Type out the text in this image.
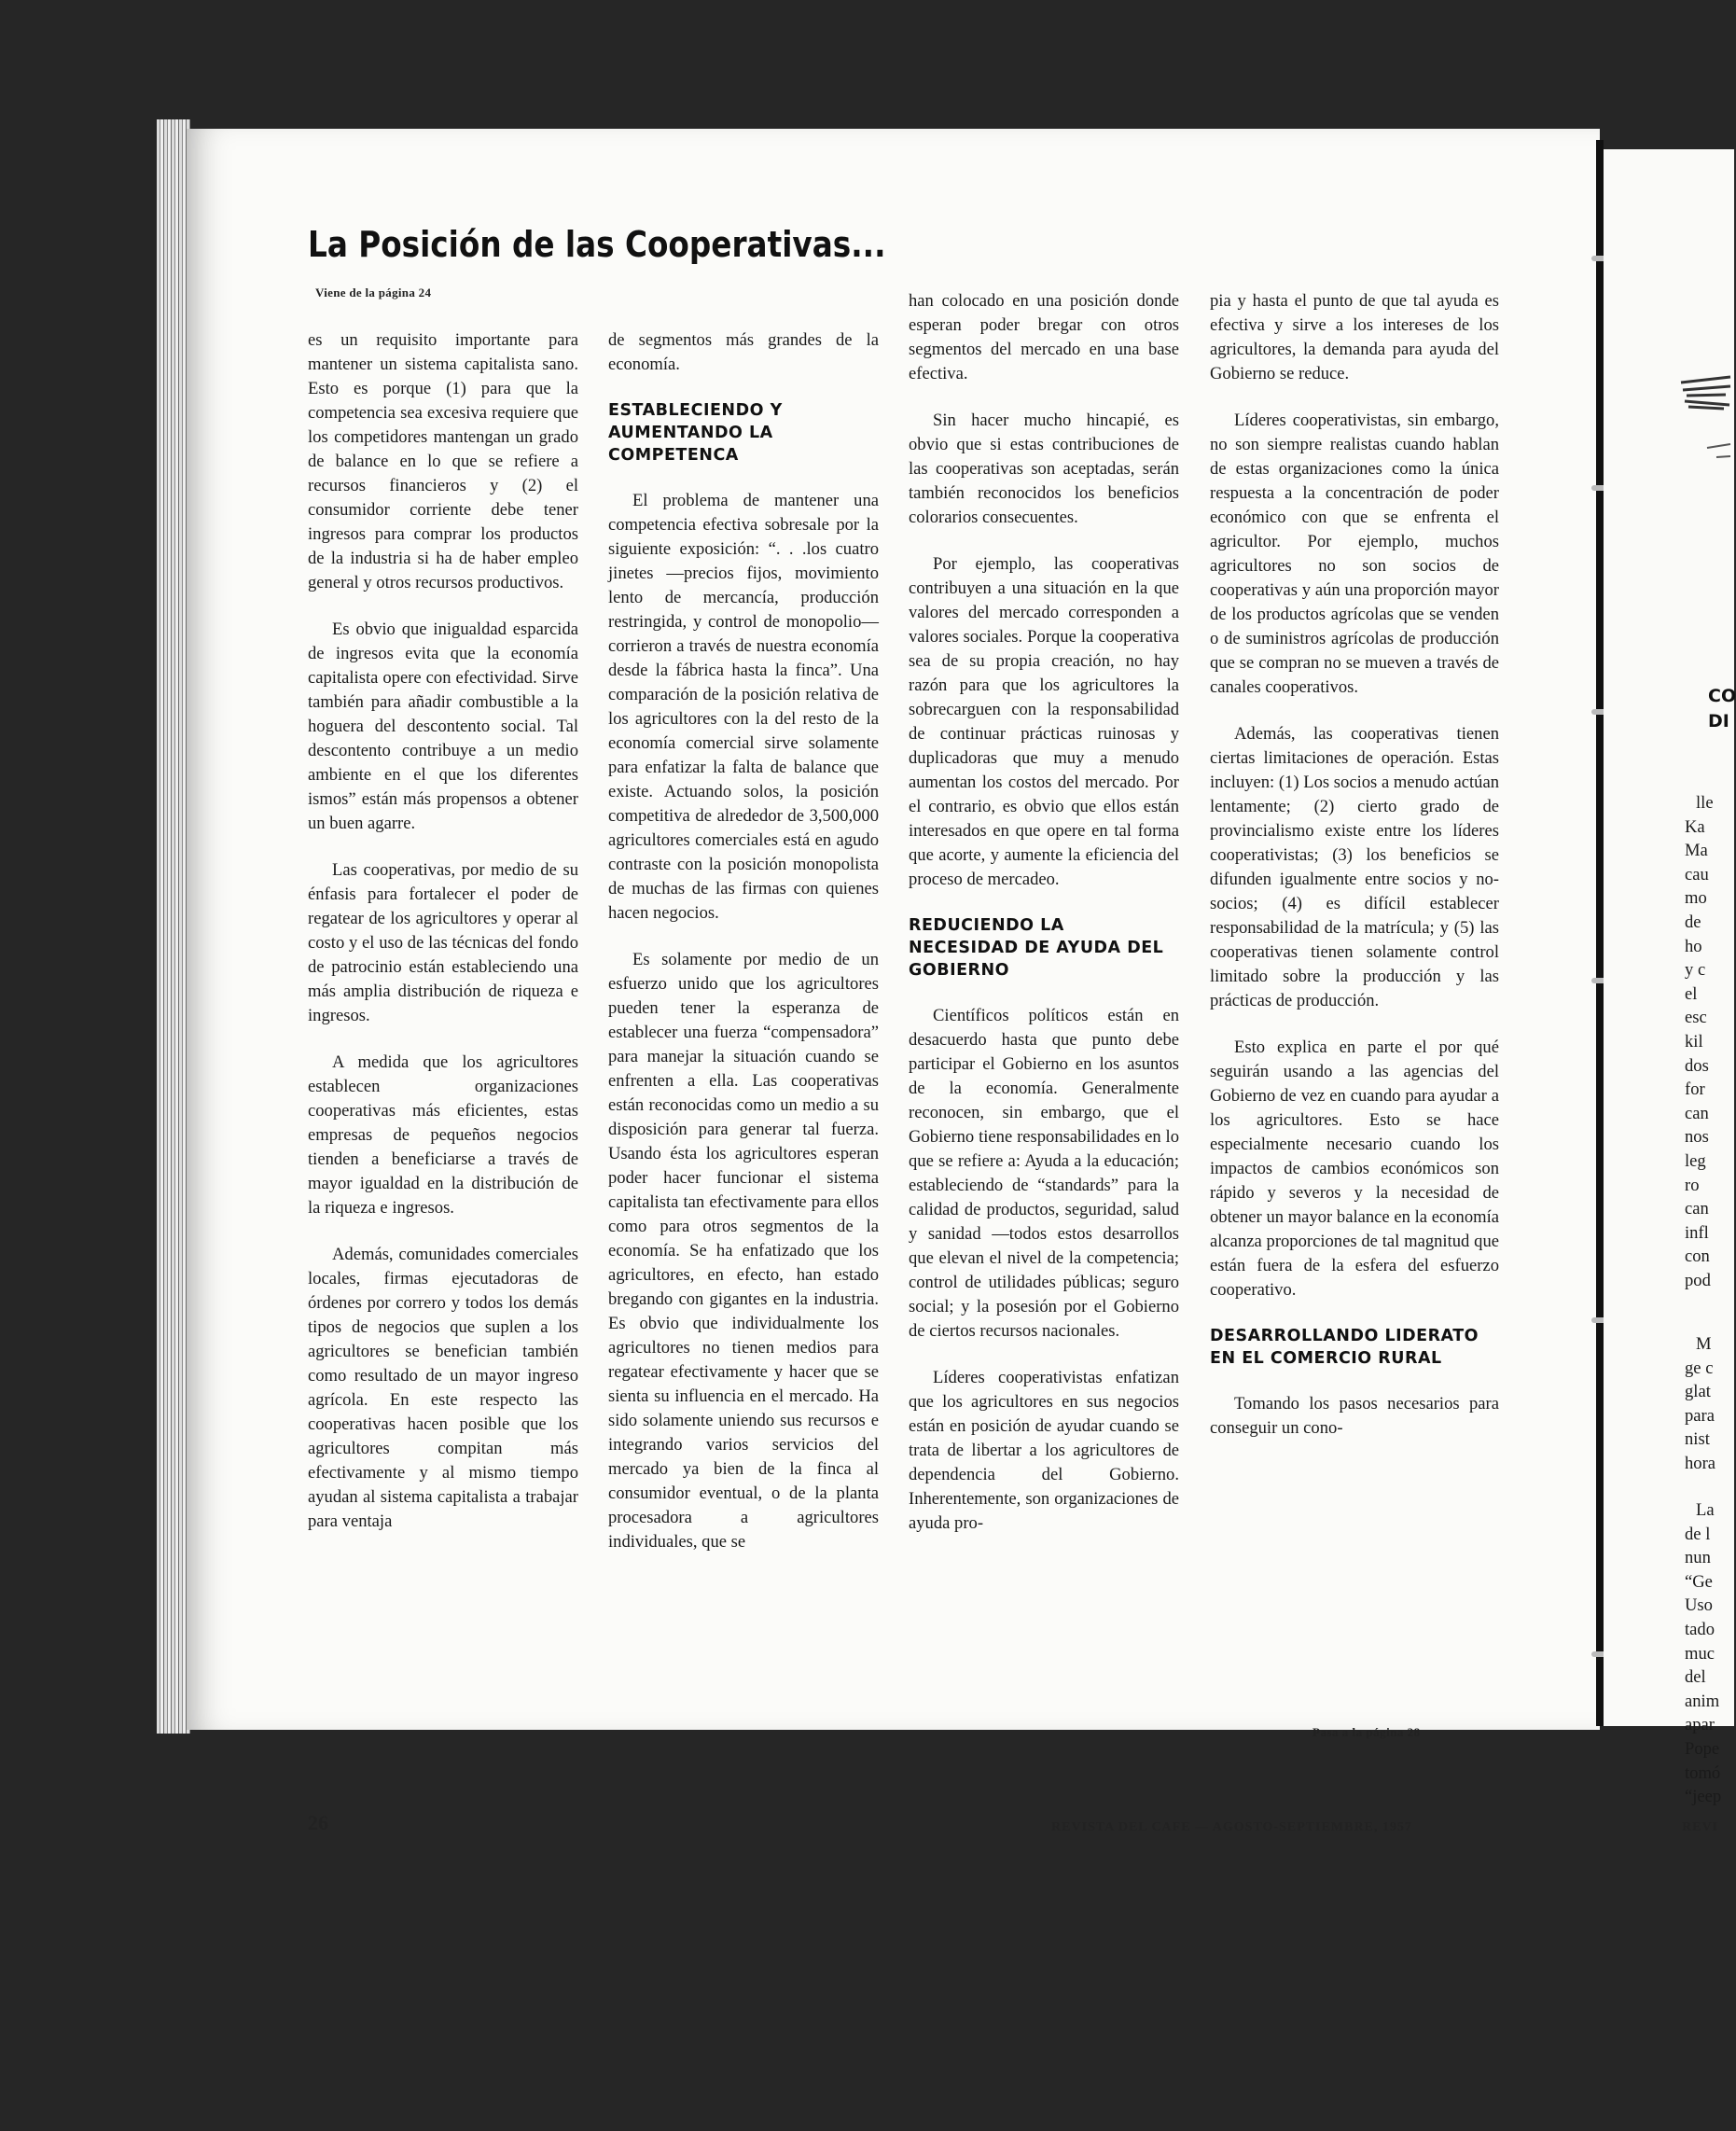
La Posición de las Cooperativas...
Viene de la página 24

es un requisito importante para mantener un sistema capitalista sano. Esto es porque (1) para que la competencia sea excesiva requiere que los competidores mantengan un grado de balance en lo que se refiere a recursos financieros y (2) el consumidor corriente debe tener ingresos para comprar los productos de la industria si ha de haber empleo general y otros recursos productivos.

Es obvio que inigualdad esparcida de ingresos evita que la economía capitalista opere con efectividad. Sirve también para añadir combustible a la hoguera del descontento social. Tal descontento contribuye a un medio ambiente en el que los diferentes ismos” están más propensos a obtener un buen agarre.

Las cooperativas, por medio de su énfasis para fortalecer el poder de regatear de los agricultores y operar al costo y el uso de las técnicas del fondo de patrocinio están estableciendo una más amplia distribución de riqueza e ingresos.

A medida que los agricultores establecen organizaciones cooperativas más eficientes, estas empresas de pequeños negocios tienden a beneficiarse a través de mayor igualdad en la distribución de la riqueza e ingresos.

Además, comunidades comerciales locales, firmas ejecutadoras de órdenes por correro y todos los demás tipos de negocios que suplen a los agricultores se benefician también como resultado de un mayor ingreso agrícola. En este respecto las cooperativas hacen posible que los agricultores compitan más efectivamente y al mismo tiempo ayudan al sistema capitalista a trabajar para ventaja

de segmentos más grandes de la economía.

ESTABLECIENDO Y AUMENTANDO LA COMPETENCA

El problema de mantener una competencia efectiva sobresale por la siguiente exposición: “. . .los cuatro jinetes —precios fijos, movimiento lento de mercancía, producción restringida, y control de monopolio— corrieron a través de nuestra economía desde la fábrica hasta la finca”. Una comparación de la posición relativa de los agricultores con la del resto de la economía comercial sirve solamente para enfatizar la falta de balance que existe. Actuando solos, la posición competitiva de alrededor de 3,500,000 agricultores comerciales está en agudo contraste con la posición monopolista de muchas de las firmas con quienes hacen negocios.

Es solamente por medio de un esfuerzo unido que los agricultores pueden tener la esperanza de establecer una fuerza “compensadora” para manejar la situación cuando se enfrenten a ella. Las cooperativas están reconocidas como un medio a su disposición para generar tal fuerza. Usando ésta los agricultores esperan poder hacer funcionar el sistema capitalista tan efectivamente para ellos como para otros segmentos de la economía. Se ha enfatizado que los agricultores, en efecto, han estado bregando con gigantes en la industria. Es obvio que individualmente los agricultores no tienen medios para regatear efectivamente y hacer que se sienta su influencia en el mercado. Ha sido solamente uniendo sus recursos e integrando varios servicios del mercado ya bien de la finca al consumidor eventual, o de la planta procesadora a agricultores individuales, que se

han colocado en una posición donde esperan poder bregar con otros segmentos del mercado en una base efectiva.

Sin hacer mucho hincapié, es obvio que si estas contribuciones de las cooperativas son aceptadas, serán también reconocidos los beneficios colorarios consecuentes.

Por ejemplo, las cooperativas contribuyen a una situación en la que valores del mercado corresponden a valores sociales. Porque la cooperativa sea de su propia creación, no hay razón para que los agricultores la sobrecarguen con la responsabilidad de continuar prácticas ruinosas y duplicadoras que muy a menudo aumentan los costos del mercado. Por el contrario, es obvio que ellos están interesados en que opere en tal forma que acorte, y aumente la eficiencia del proceso de mercadeo.

REDUCIENDO LA NECESIDAD DE AYUDA DEL GOBIERNO

Científicos políticos están en desacuerdo hasta que punto debe participar el Gobierno en los asuntos de la economía. Generalmente reconocen, sin embargo, que el Gobierno tiene responsabilidades en lo que se refiere a: Ayuda a la educación; estableciendo de “standards” para la calidad de productos, seguridad, salud y sanidad —todos estos desarrollos que elevan el nivel de la competencia; control de utilidades públicas; seguro social; y la posesión por el Gobierno de ciertos recursos nacionales.

Líderes cooperativistas enfatizan que los agricultores en sus negocios están en posición de ayudar cuando se trata de libertar a los agricultores de dependencia del Gobierno. Inherentemente, son organizaciones de ayuda pro-

pia y hasta el punto de que tal ayuda es efectiva y sirve a los intereses de los agricultores, la demanda para ayuda del Gobierno se reduce.

Líderes cooperativistas, sin embargo, no son siempre realistas cuando hablan de estas organizaciones como la única respuesta a la concentración de poder económico con que se enfrenta el agricultor. Por ejemplo, muchos agricultores no son socios de cooperativas y aún una proporción mayor de los productos agrícolas que se venden o de suministros agrícolas de producción que se compran no se mueven a través de canales cooperativos.

Además, las cooperativas tienen ciertas limitaciones de operación. Estas incluyen: (1) Los socios a menudo actúan lentamente; (2) cierto grado de provincialismo existe entre los líderes cooperativistas; (3) los beneficios se difunden igualmente entre socios y no-socios; (4) es difícil establecer responsabilidad de la matrícula; y (5) las cooperativas tienen solamente control limitado sobre la producción y las prácticas de producción.

Esto explica en parte el por qué seguirán usando a las agencias del Gobierno de vez en cuando para ayudar a los agricultores. Esto se hace especialmente necesario cuando los impactos de cambios económicos son rápido y severos y la necesidad de obtener un mayor balance en la economía alcanza proporciones de tal magnitud que están fuera de la esfera del esfuerzo cooperativo.

DESARROLLANDO LIDERATO EN EL COMERCIO RURAL

Tomando los pasos necesarios para conseguir un cono-

Pasa a la página 28
26	REVISTA DEL CAFE — AGOSTO-SEPTIEMBRE, 1957
lle
Ka
Ma
cau
mo
de
ho
y c
el
esc
kil
dos
for
can
nos
leg
ro
can
infl
con
pod
M
ge c
glat
para
nist
hora
La
de l
nun
“Ge
Uso
tado
muc
del
anim
apar
Pope
tomó
“jeep
CO
DI
REVI
